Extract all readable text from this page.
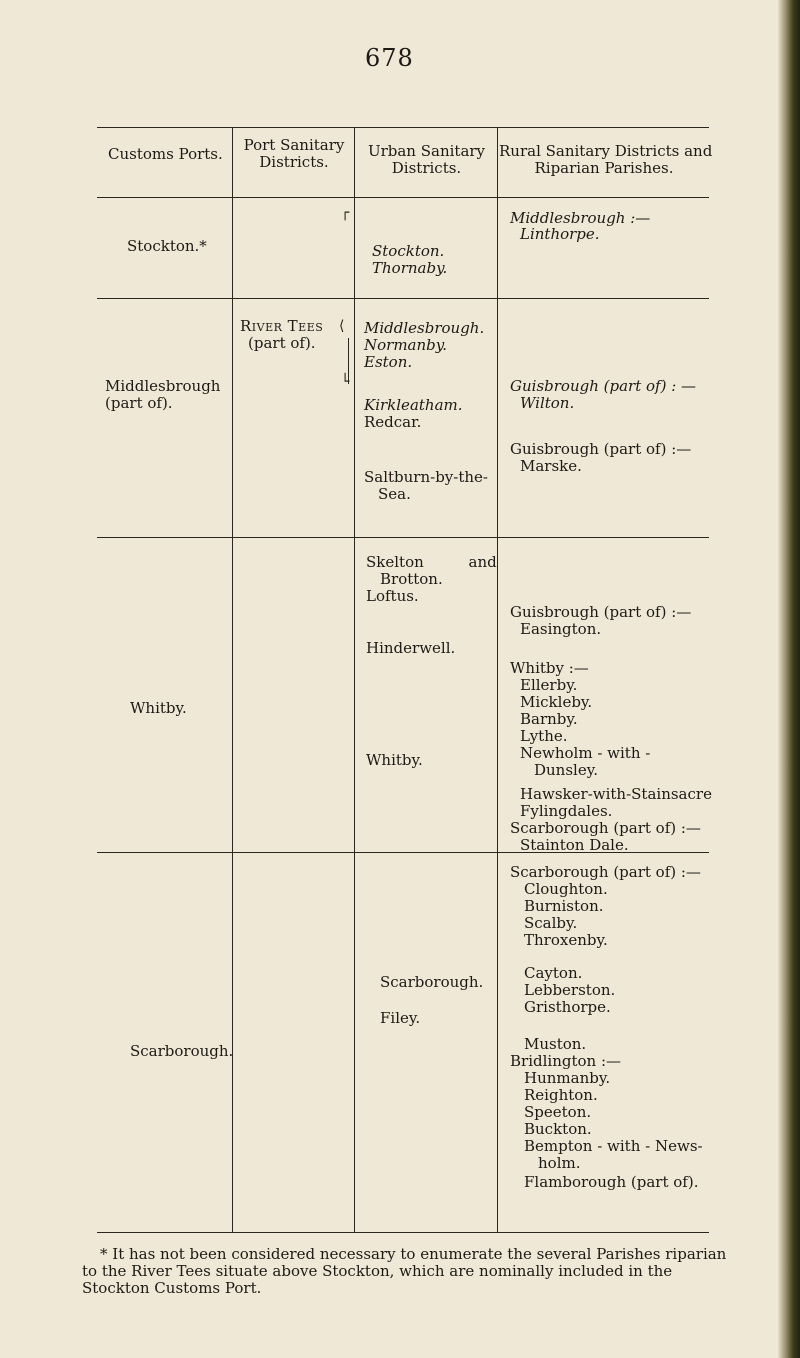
678
┌
⟨
└
Customs Ports.	Port Sanitary
Districts.
Urban Sanitary
Districts.
Rural Sanitary Districts and
Riparian Parishes.
Stockton.*	Stockton.
Thornaby.
Middlesbrough :—
Linthorpe.
Middlesbrough
(part of).
River Tees
(part of).
Middlesbrough.
Normanby.
Eston.
Kirkleatham.
Redcar.
Saltburn-by-the-
Sea.
Guisbrough (part of) : —
Wilton.
Guisbrough (part of) :—
Marske.
Whitby.
Skelton and
Brotton.
Loftus.
Hinderwell.
Whitby.
Guisbrough (part of) :—
Easington.
Whitby :—
Ellerby.
Mickleby.
Barnby.
Lythe.
Newholm - with -
Dunsley.
Hawsker-with-Stainsacre
Fylingdales.
Scarborough (part of) :—
Stainton Dale.
Scarborough.
Scarborough.
Filey.
Scarborough (part of) :—
Cloughton.
Burniston.
Scalby.
Throxenby.
Cayton.
Lebberston.
Gristhorpe.
Muston.
Bridlington :—
Hunmanby.
Reighton.
Speeton.
Buckton.
Bempton - with - News-
holm.
Flamborough (part of).
* It has not been considered necessary to enumerate the several Parishes riparian
to the River Tees situate above Stockton, which are nominally included in the
Stockton Customs Port.
